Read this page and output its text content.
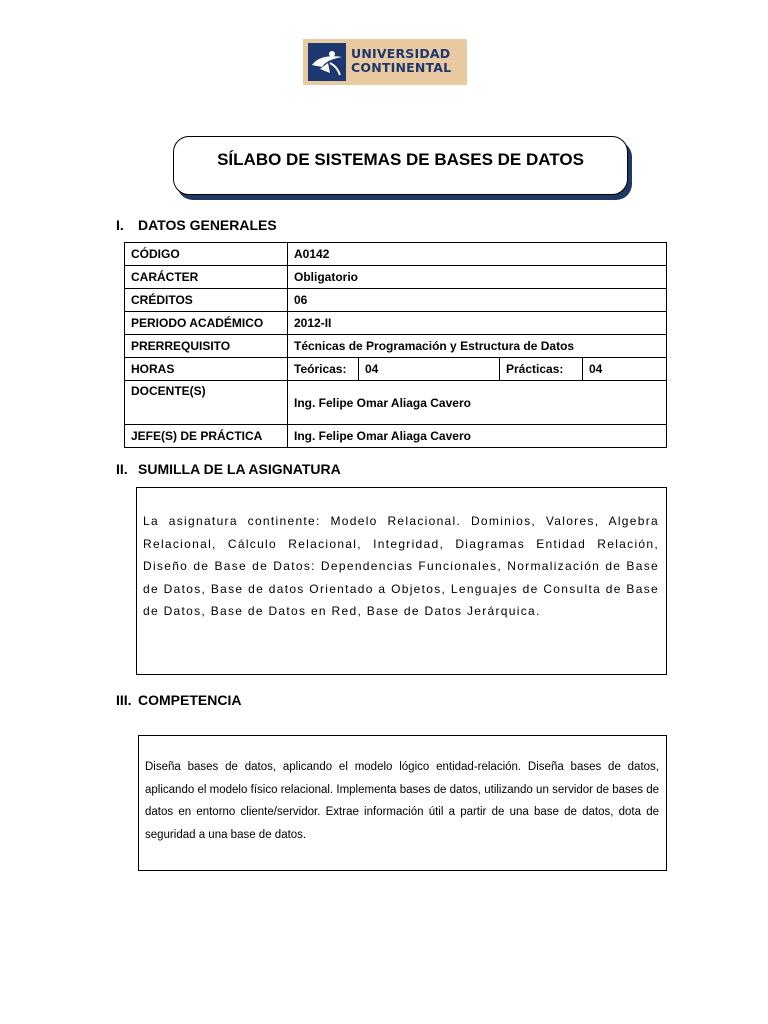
UNIVERSIDAD
CONTINENTAL
SÍLABO DE SISTEMAS DE BASES DE DATOS
I. DATOS GENERALES
CÓDIGO	A0142			
CARÁCTER	Obligatorio			
CRÉDITOS	06			
PERIODO ACADÉMICO	2012-II			
PRERREQUISITO	Técnicas de Programación y Estructura de Datos			
HORAS	Teóricas:	04	Prácticas:	04
DOCENTE(S)	Ing. Felipe Omar Aliaga Cavero			
JEFE(S) DE PRÁCTICA	Ing. Felipe Omar Aliaga Cavero			
II. SUMILLA DE LA ASIGNATURA
La asignatura continente: Modelo Relacional. Dominios, Valores, Algebra Relacional, Cálculo Relacional, Integridad, Diagramas Entidad Relación, Diseño de Base de Datos: Dependencias Funcionales, Normalización de Base de Datos, Base de datos Orientado a Objetos, Lenguajes de Consulta de Base de Datos, Base de Datos en Red, Base de Datos Jerárquica.
III. COMPETENCIA
Diseña bases de datos, aplicando el modelo lógico entidad-relación. Diseña bases de datos, aplicando el modelo físico relacional. Implementa bases de datos, utilizando un servidor de bases de datos en entorno cliente/servidor. Extrae información útil a partir de una base de datos, dota de seguridad a una base de datos.
